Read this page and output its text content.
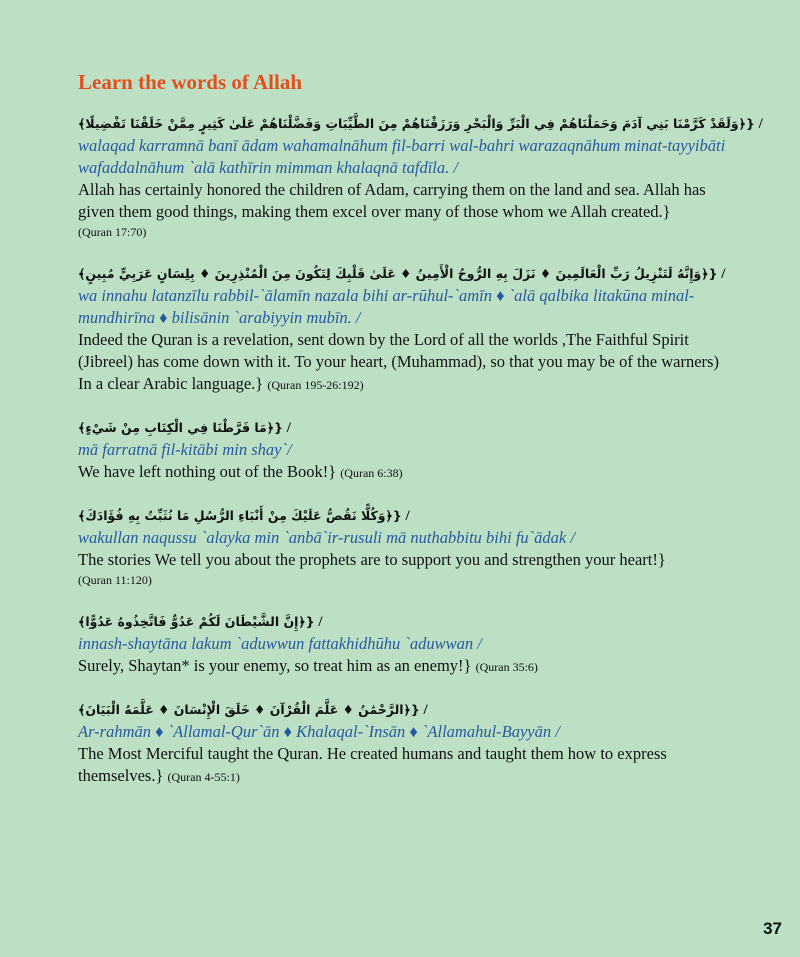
Learn the words of Allah
{﴿وَلَقَدْ كَرَّمْنَا بَنِي آدَمَ وَحَمَلْنَاهُمْ فِي الْبَرِّ وَالْبَحْرِ وَرَزَقْنَاهُمْ مِنَ الطَّيِّبَاتِ وَفَضَّلْنَاهُمْ عَلَىٰ كَثِيرٍ مِمَّنْ خَلَقْنَا تَفْضِيلًا﴾ /
walaqad karramnā banī ādam wahamalnāhum fil-barri wal-bahri warazaqnāhum minat-tayyibāti
wafaddalnāhum `alā kathīrin mimman khalaqnā tafdīla. /
Allah has certainly honored the children of Adam, carrying them on the land and sea. Allah has
given them good things, making them excel over many of those whom we Allah created.}
(Quran 17:70)
{﴿وَإِنَّهُ لَتَنْزِيلُ رَبِّ الْعَالَمِينَ ♦ نَزَلَ بِهِ الرُّوحُ الْأَمِينُ ♦ عَلَىٰ قَلْبِكَ لِتَكُونَ مِنَ الْمُنْذِرِينَ ♦ بِلِسَانٍ عَرَبِيٍّ مُبِينٍ﴾ /
wa innahu latanzīlu rabbil-`ālamīn nazala bihi ar-rūhul-`amīn ♦ `alā qalbika litakūna minal-
mundhirīna ♦ bilisānin `arabiyyin mubīn. /
Indeed the Quran is a revelation, sent down by the Lord of all the worlds ,The Faithful Spirit
(Jibreel) has come down with it. To your heart, (Muhammad), so that you may be of the warners)
In a clear Arabic language.} (Quran 195-26:192)
{﴿مَا فَرَّطْنَا فِي الْكِتَابِ مِنْ شَيْءٍ﴾ /
mā farratnā fil-kitābi min shay`/
We have left nothing out of the Book!} (Quran 6:38)
{﴿وَكُلًّا نَقُصُّ عَلَيْكَ مِنْ أَنْبَاءِ الرُّسُلِ مَا نُثَبِّتُ بِهِ فُؤَادَكَ﴾ /
wakullan naqussu `alayka min `anbā`ir-rusuli mā nuthabbitu bihi fu`ādak /
The stories We tell you about the prophets are to support you and strengthen your heart!}
(Quran 11:120)
{﴿إِنَّ الشَّيْطَانَ لَكُمْ عَدُوٌّ فَاتَّخِذُوهُ عَدُوًّا﴾ /
innash-shaytāna lakum `aduwwun fattakhidhūhu `aduwwan /
Surely, Shaytan* is your enemy, so treat him as an enemy!} (Quran 35:6)
{﴿الرَّحْمَٰنُ ♦ عَلَّمَ الْقُرْآنَ ♦ خَلَقَ الْإِنْسَانَ ♦ عَلَّمَهُ الْبَيَانَ﴾ /
Ar-rahmān ♦ `Allamal-Qur`ān ♦ Khalaqal-`Insān ♦ `Allamahul-Bayyān /
The Most Merciful taught the Quran. He created humans and taught them how to express
themselves.} (Quran 4-55:1)
37
